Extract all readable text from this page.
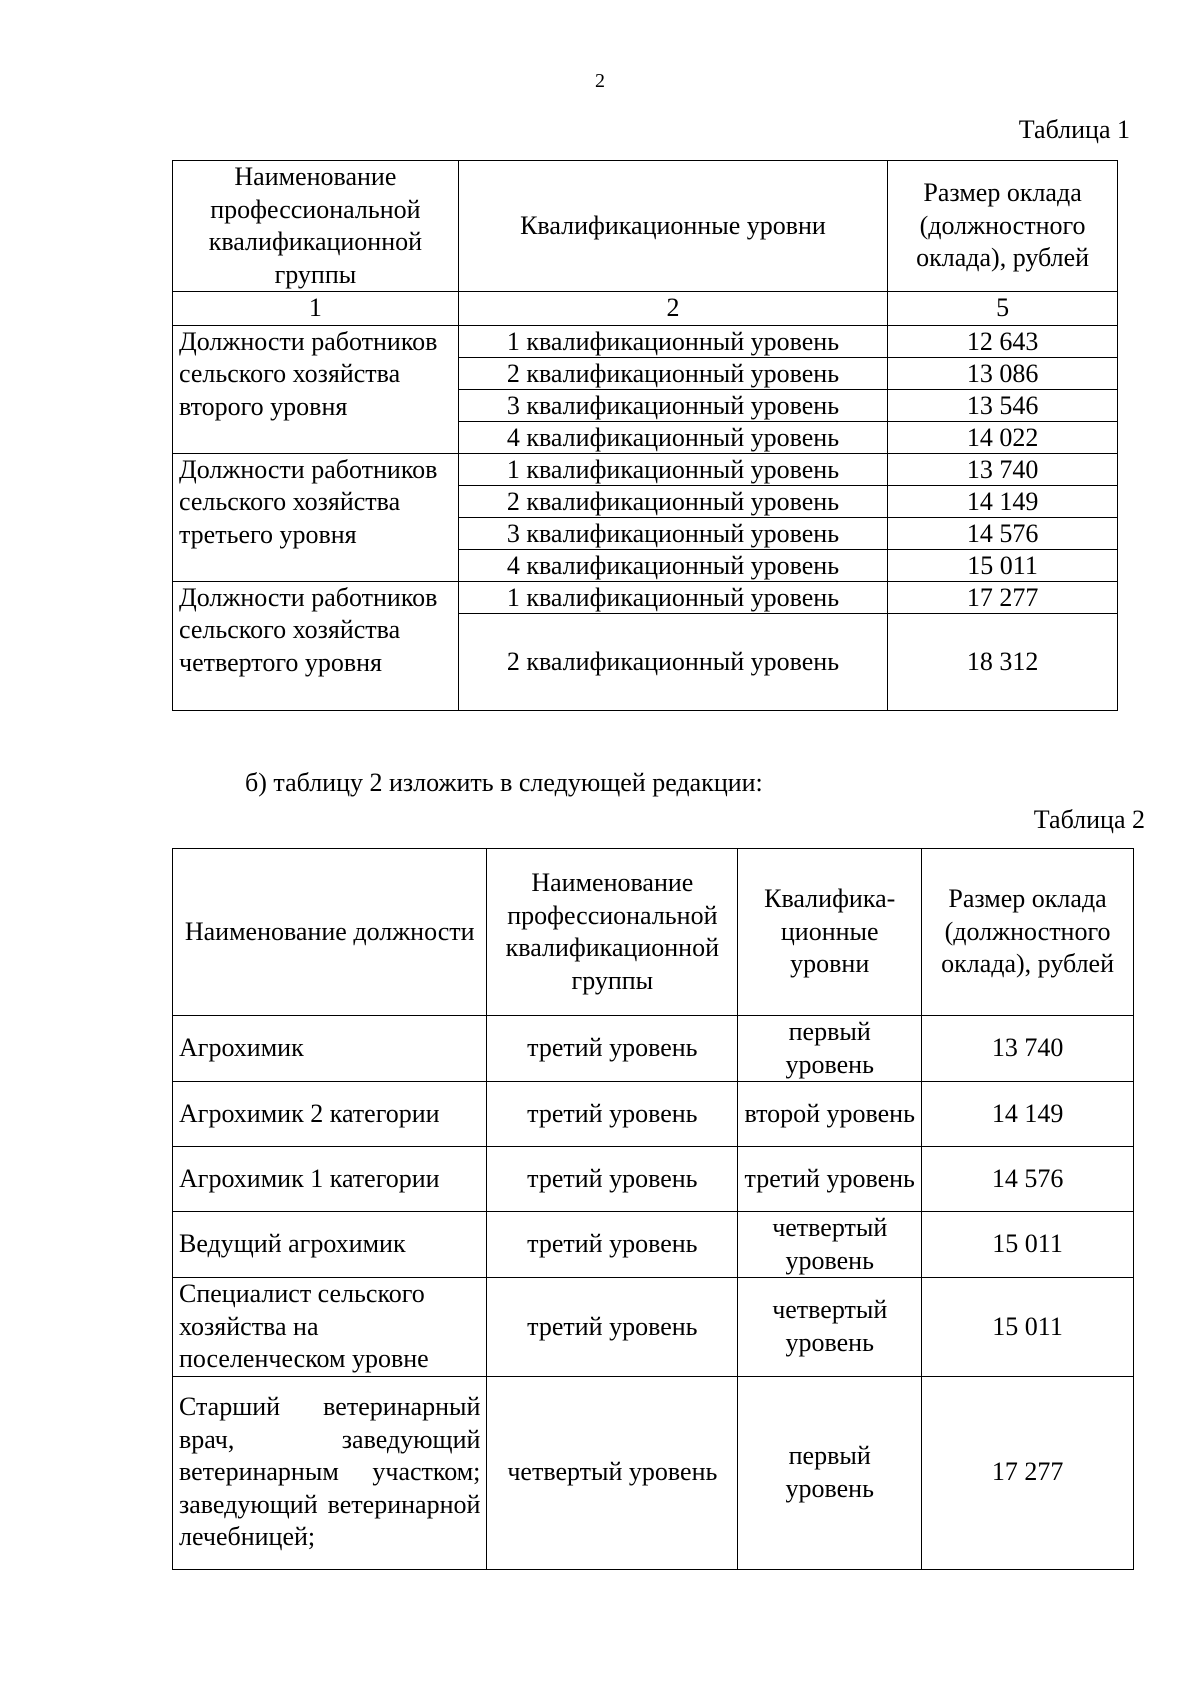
2
Таблица 1
Наименование профессиональной квалификационной группы	Квалификационные уровни	Размер оклада (должностного оклада), рублей
1	2	5
Должности работников сельского хозяйства второго уровня	1 квалификационный уровень	12 643
	2 квалификационный уровень	13 086
	3 квалификационный уровень	13 546
	4 квалификационный уровень	14 022
Должности работников сельского хозяйства третьего уровня	1 квалификационный уровень	13 740
	2 квалификационный уровень	14 149
	3 квалификационный уровень	14 576
	4 квалификационный уровень	15 011
Должности работников сельского хозяйства четвертого уровня	1 квалификационный уровень	17 277
	2 квалификационный уровень	18 312
б) таблицу 2 изложить в следующей редакции:
Таблица 2
Наименование должности	Наименование профессиональной квалификационной группы	Квалифика-ционные уровни	Размер оклада (должностного оклада), рублей
Агрохимик	третий уровень	первый уровень	13 740
Агрохимик 2 категории	третий уровень	второй уровень	14 149
Агрохимик 1 категории	третий уровень	третий уровень	14 576
Ведущий агрохимик	третий уровень	четвертый уровень	15 011
Специалист сельского хозяйства на поселенческом уровне	третий уровень	четвертый уровень	15 011
Старший ветеринарный врач, заведующий ветеринарным участком; заведующий ветеринарной лечебницей;	четвертый уровень	первый уровень	17 277
